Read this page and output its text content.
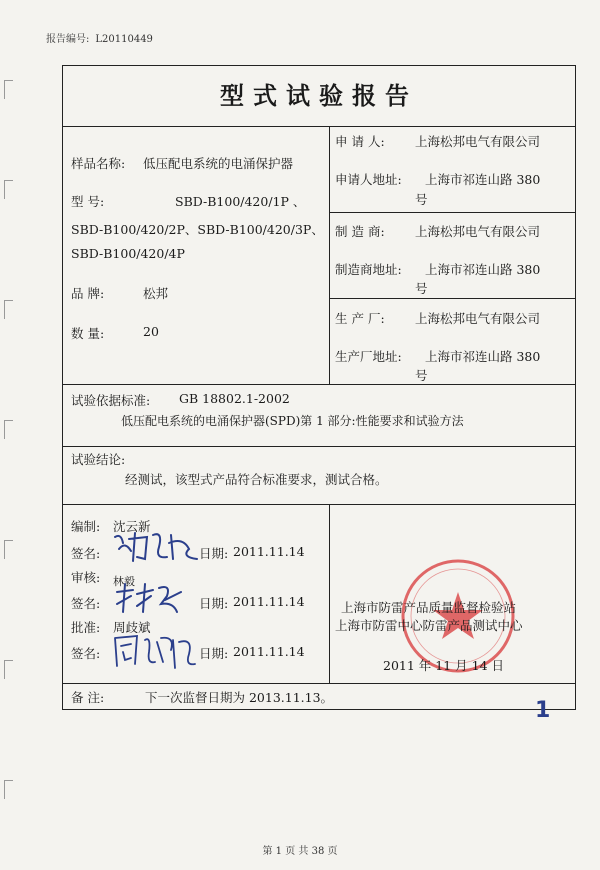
报告编号: L20110449
型式试验报告
样品名称: 低压配电系统的电涌保护器
型 号:	SBD-B100/420/1P 、
SBD-B100/420/2P、SBD-B100/420/3P、
SBD-B100/420/4P
品 牌:	松邦
数 量:	20
申 请 人: 上海松邦电气有限公司
申请人地址: 上海市祁连山路 380
号
制 造 商: 上海松邦电气有限公司
制造商地址: 上海市祁连山路 380
号
生 产 厂: 上海松邦电气有限公司
生产厂地址: 上海市祁连山路 380
号
试验依据标准: GB 18802.1-2002
低压配电系统的电涌保护器(SPD)第 1 部分:性能要求和试验方法
试验结论:
经测试，该型式产品符合标准要求，测试合格。
编制: 沈云新
签名:	日期: 2011.11.14
审核: 林毅
签名:	日期: 2011.11.14
批准: 周歧斌
签名:	日期: 2011.11.14
上海市防雷产品质量监督检验站
上海市防雷中心防雷产品测试中心
2011 年 11 月 14 日
备 注:	下一次监督日期为 2013.11.13。
1
第 1 页 共 38 页
